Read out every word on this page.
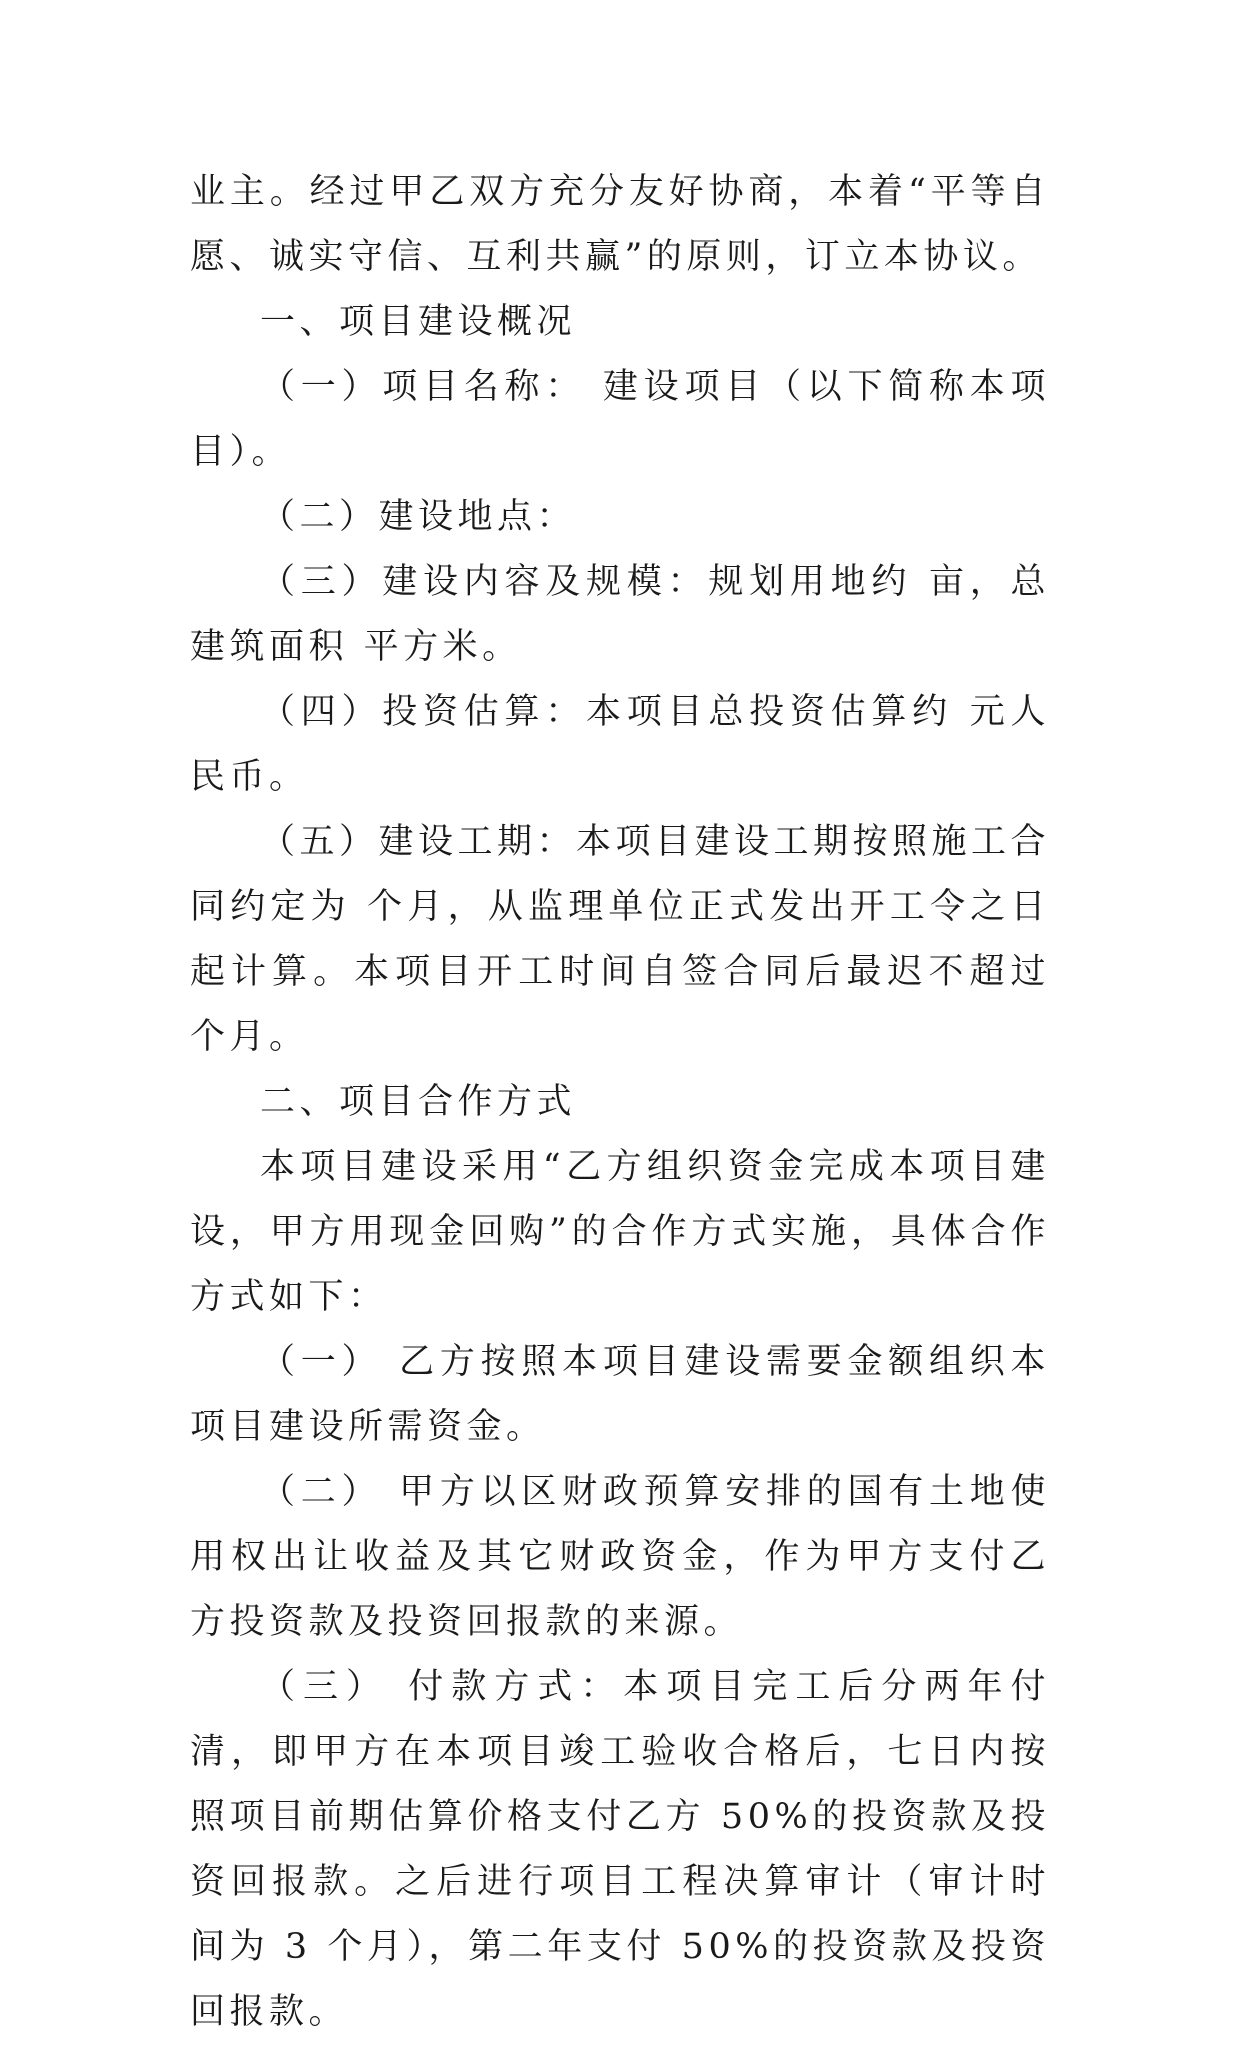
业主。经过甲乙双方充分友好协商，本着“平等自愿、诚实守信、互利共赢”的原则，订立本协议。

一、项目建设概况

（一）项目名称： 建设项目（以下简称本项目）。

（二）建设地点：

（三）建设内容及规模：规划用地约 亩，总建筑面积 平方米。

（四）投资估算：本项目总投资估算约 元人民币。

（五）建设工期：本项目建设工期按照施工合同约定为 个月，从监理单位正式发出开工令之日起计算。本项目开工时间自签合同后最迟不超过 个月。

二、项目合作方式

本项目建设采用“乙方组织资金完成本项目建设，甲方用现金回购”的合作方式实施，具体合作方式如下：

（一） 乙方按照本项目建设需要金额组织本项目建设所需资金。

（二） 甲方以区财政预算安排的国有土地使用权出让收益及其它财政资金，作为甲方支付乙方投资款及投资回报款的来源。

（三） 付款方式：本项目完工后分两年付清，即甲方在本项目竣工验收合格后，七日内按照项目前期估算价格支付乙方 50%的投资款及投资回报款。之后进行项目工程决算审计（审计时间为 3 个月），第二年支付 50%的投资款及投资回报款。
